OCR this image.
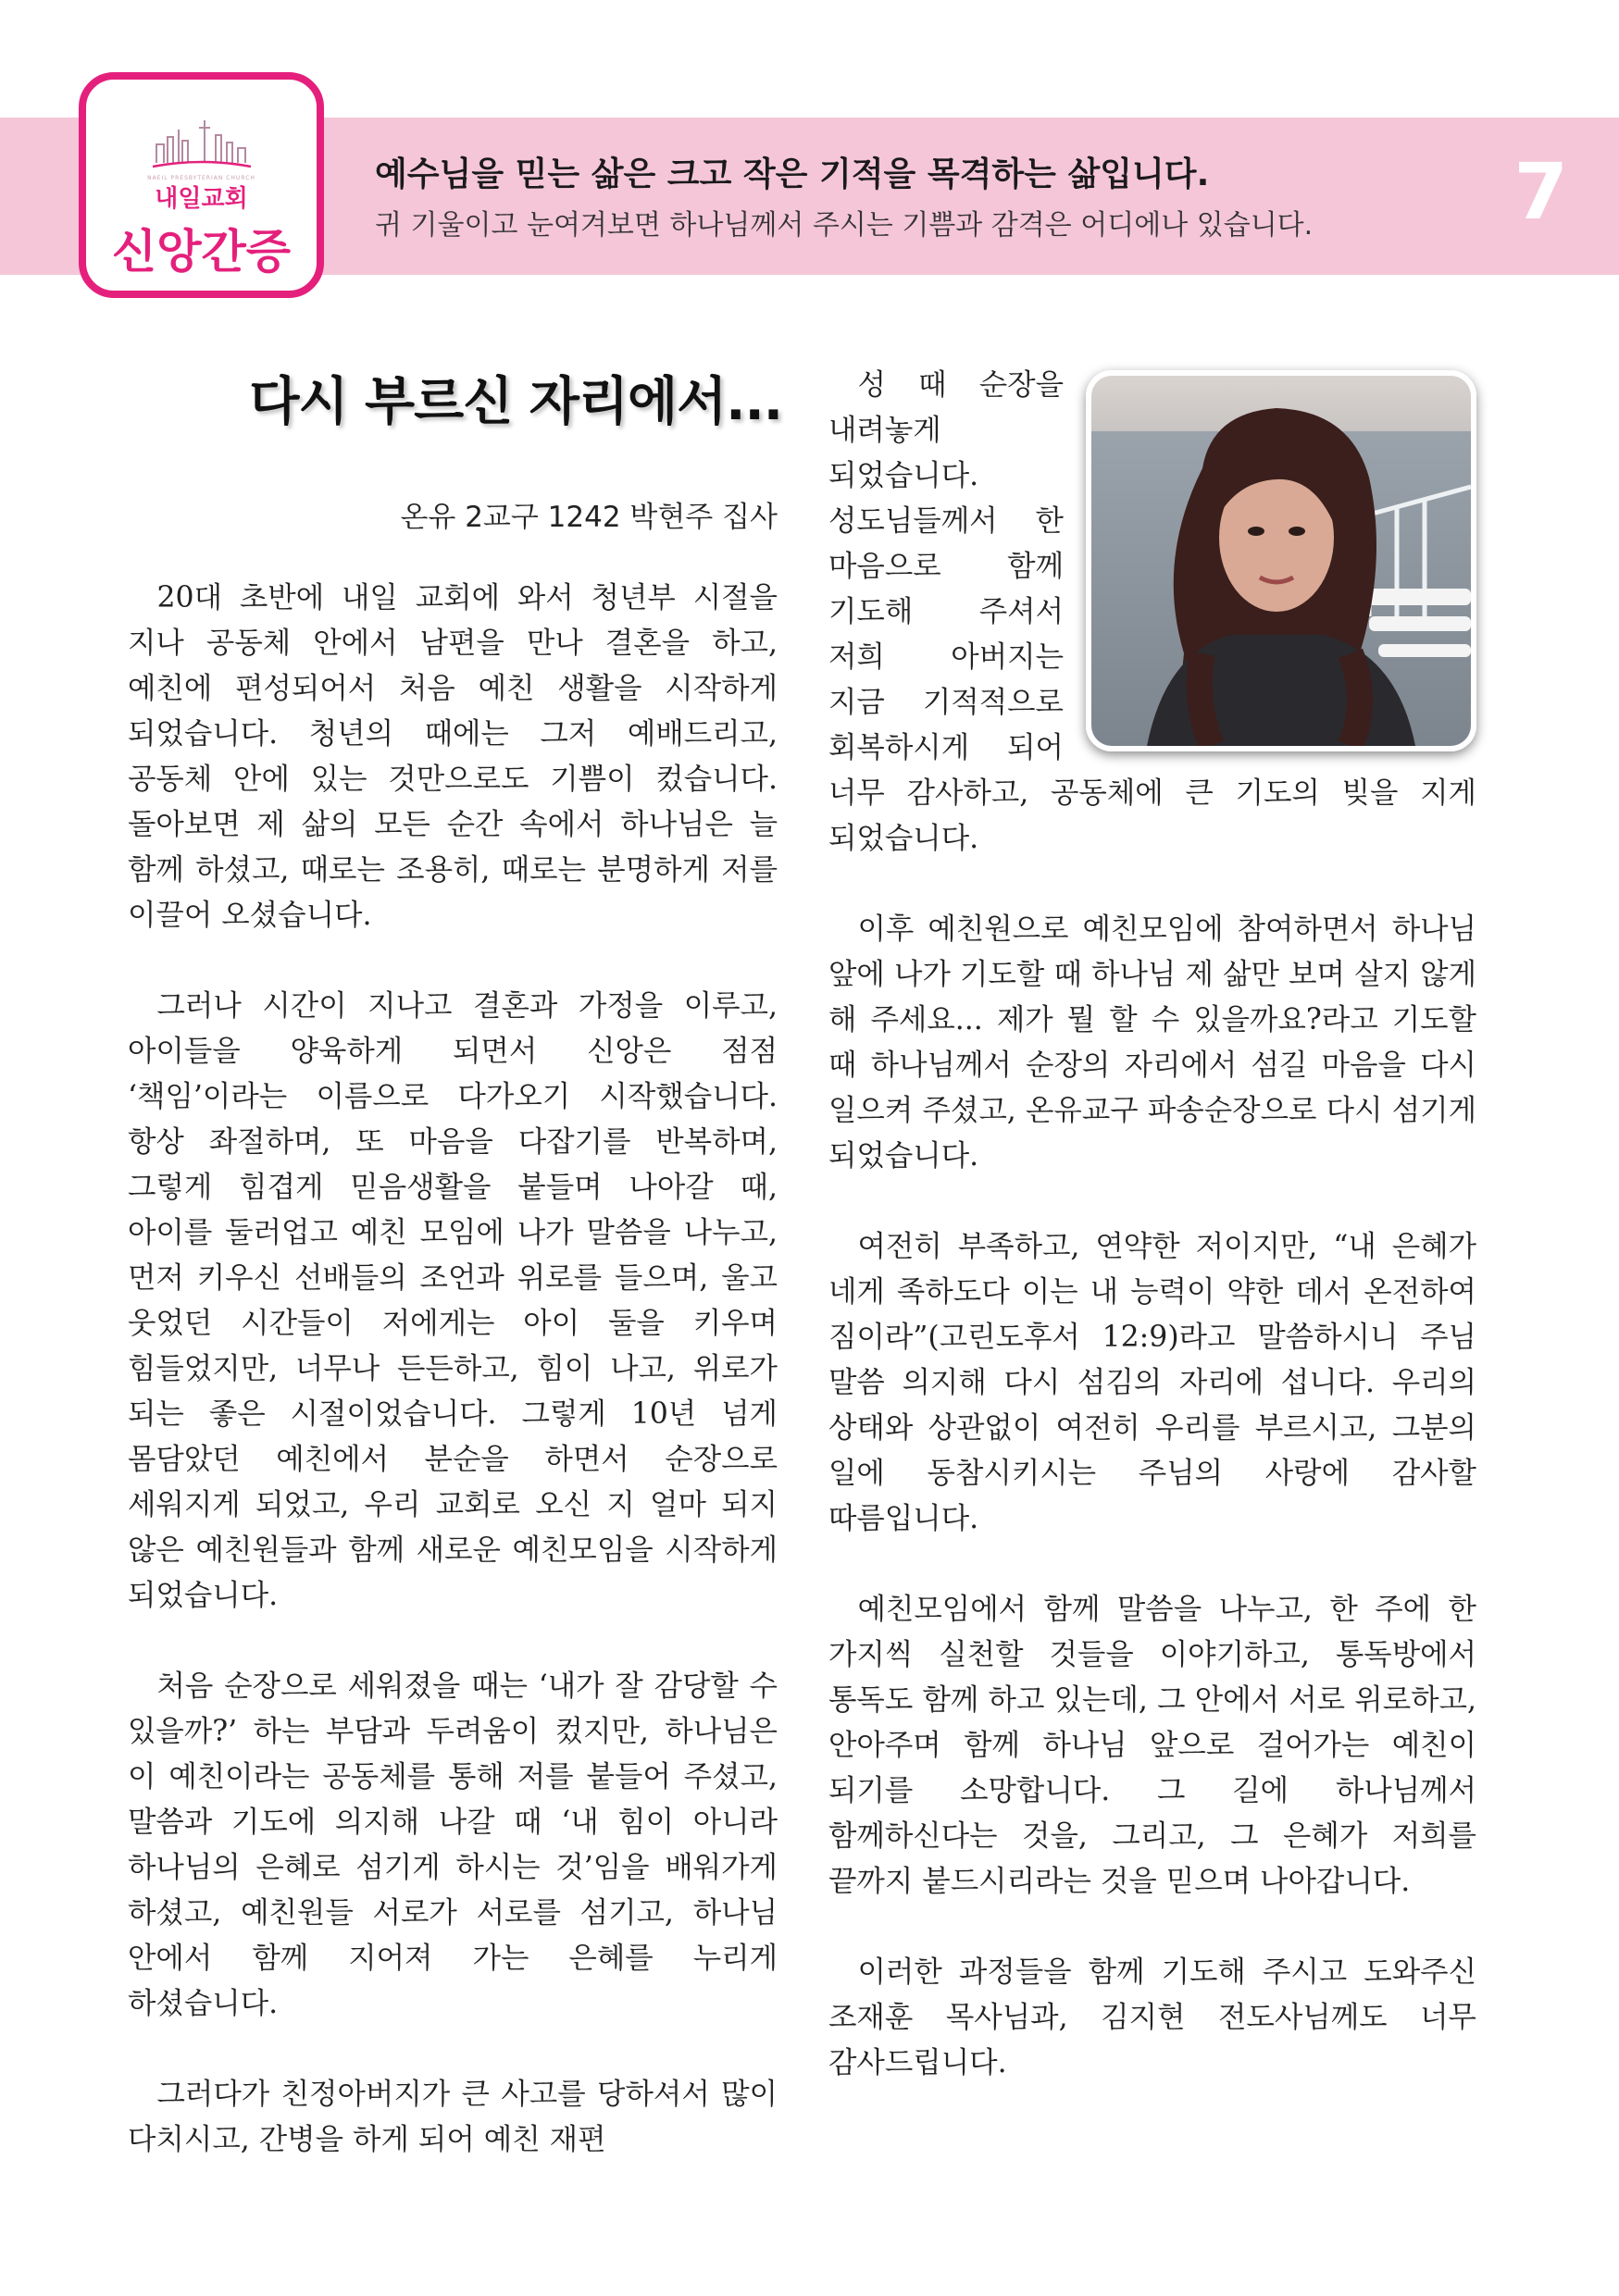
NAEIL PRESBYTERIAN CHURCH
내일교회
신앙간증
예수님을 믿는 삶은 크고 작은 기적을 목격하는 삶입니다.
귀 기울이고 눈여겨보면 하나님께서 주시는 기쁨과 감격은 어디에나 있습니다.	7
다시 부르신 자리에서...
온유 2교구 1242 박현주 집사

20대 초반에 내일 교회에 와서 청년부 시절을 지나 공동체 안에서 남편을 만나 결혼을 하고, 예친에 편성되어서 처음 예친 생활을 시작하게 되었습니다. 청년의 때에는 그저 예배드리고, 공동체 안에 있는 것만으로도 기쁨이 컸습니다. 돌아보면 제 삶의 모든 순간 속에서 하나님은 늘 함께 하셨고, 때로는 조용히, 때로는 분명하게 저를 이끌어 오셨습니다.

그러나 시간이 지나고 결혼과 가정을 이루고, 아이들을 양육하게 되면서 신앙은 점점 ‘책임’이라는 이름으로 다가오기 시작했습니다. 항상 좌절하며, 또 마음을 다잡기를 반복하며, 그렇게 힘겹게 믿음생활을 붙들며 나아갈 때, 아이를 둘러업고 예친 모임에 나가 말씀을 나누고, 먼저 키우신 선배들의 조언과 위로를 들으며, 울고 웃었던 시간들이 저에게는 아이 둘을 키우며 힘들었지만, 너무나 든든하고, 힘이 나고, 위로가 되는 좋은 시절이었습니다. 그렇게 10년 넘게 몸담았던 예친에서 분순을 하면서 순장으로 세워지게 되었고, 우리 교회로 오신 지 얼마 되지 않은 예친원들과 함께 새로운 예친모임을 시작하게 되었습니다.

처음 순장으로 세워졌을 때는 ‘내가 잘 감당할 수 있을까?’ 하는 부담과 두려움이 컸지만, 하나님은 이 예친이라는 공동체를 통해 저를 붙들어 주셨고, 말씀과 기도에 의지해 나갈 때 ‘내 힘이 아니라 하나님의 은혜로 섬기게 하시는 것’임을 배워가게 하셨고, 예친원들 서로가 서로를 섬기고, 하나님 안에서 함께 지어져 가는 은혜를 누리게 하셨습니다.

그러다가 친정아버지가 큰 사고를 당하셔서 많이 다치시고, 간병을 하게 되어 예친 재편

성 때 순장을 내려놓게 되었습니다. 성도님들께서 한 마음으로 함께 기도해 주셔서 저희 아버지는 지금 기적적으로 회복하시게 되어 너무 감사하고, 공동체에 큰 기도의 빚을 지게 되었습니다.

이후 예친원으로 예친모임에 참여하면서 하나님 앞에 나가 기도할 때 하나님 제 삶만 보며 살지 않게 해 주세요... 제가 뭘 할 수 있을까요?라고 기도할 때 하나님께서 순장의 자리에서 섬길 마음을 다시 일으켜 주셨고, 온유교구 파송순장으로 다시 섬기게 되었습니다.

여전히 부족하고, 연약한 저이지만, “내 은혜가 네게 족하도다 이는 내 능력이 약한 데서 온전하여 짐이라”(고린도후서 12:9)라고 말씀하시니 주님 말씀 의지해 다시 섬김의 자리에 섭니다. 우리의 상태와 상관없이 여전히 우리를 부르시고, 그분의 일에 동참시키시는 주님의 사랑에 감사할 따름입니다.

예친모임에서 함께 말씀을 나누고, 한 주에 한 가지씩 실천할 것들을 이야기하고, 통독방에서 통독도 함께 하고 있는데, 그 안에서 서로 위로하고, 안아주며 함께 하나님 앞으로 걸어가는 예친이 되기를 소망합니다. 그 길에 하나님께서 함께하신다는 것을, 그리고, 그 은혜가 저희를 끝까지 붙드시리라는 것을 믿으며 나아갑니다.

이러한 과정들을 함께 기도해 주시고 도와주신 조재훈 목사님과, 김지현 전도사님께도 너무 감사드립니다.
